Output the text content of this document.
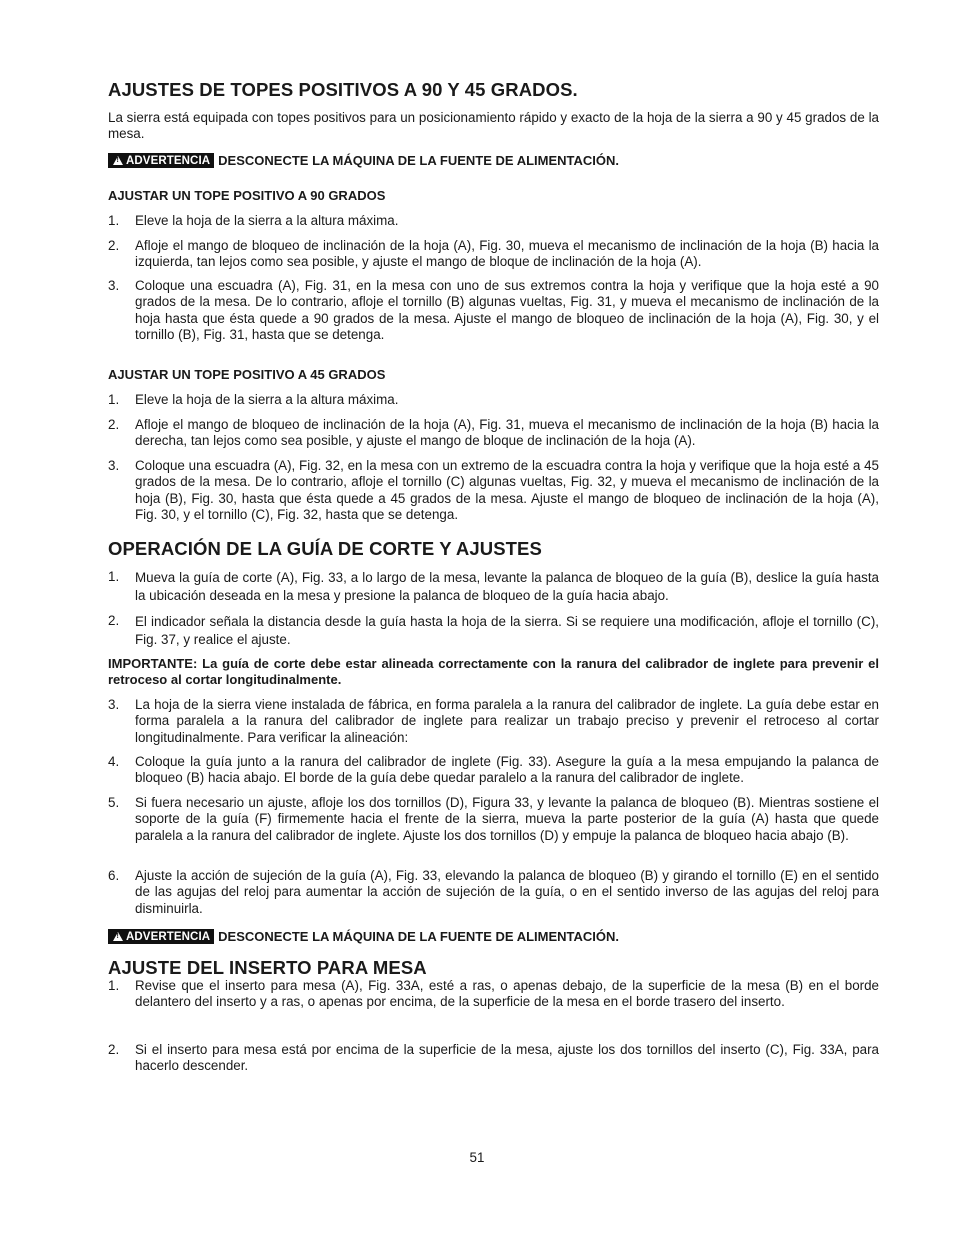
AJUSTES DE TOPES POSITIVOS A 90 Y 45 GRADOS.

La sierra está equipada con topes positivos para un posicionamiento rápido y exacto de la hoja de la sierra a 90 y 45 grados de la mesa.

!
ADVERTENCIA DESCONECTE LA MÁQUINA DE LA FUENTE DE ALIMENTACIÓN.
AJUSTAR UN TOPE POSITIVO A 90 GRADOS
1.	Eleve la hoja de la sierra a la altura máxima.
2.	Afloje el mango de bloqueo de inclinación de la hoja (A), Fig. 30, mueva el mecanismo de inclinación de la hoja (B) hacia la izquierda, tan lejos como sea posible, y ajuste el mango de bloque de inclinación de la hoja (A).
3.	Coloque una escuadra (A), Fig. 31, en la mesa con uno de sus extremos contra la hoja y verifique que la hoja esté a 90 grados de la mesa. De lo contrario, afloje el tornillo (B) algunas vueltas, Fig. 31, y mueva el mecanismo de inclinación de la hoja hasta que ésta quede a 90 grados de la mesa. Ajuste el mango de bloqueo de inclinación de la hoja (A), Fig. 30, y el tornillo (B), Fig. 31, hasta que se detenga.
AJUSTAR UN TOPE POSITIVO A 45 GRADOS
1.	Eleve la hoja de la sierra a la altura máxima.
2.	Afloje el mango de bloqueo de inclinación de la hoja (A), Fig. 31, mueva el mecanismo de inclinación de la hoja (B) hacia la derecha, tan lejos como sea posible, y ajuste el mango de bloque de inclinación de la hoja (A).
3.	Coloque una escuadra (A), Fig. 32, en la mesa con un extremo de la escuadra contra la hoja y verifique que la hoja esté a 45 grados de la mesa. De lo contrario, afloje el tornillo (C) algunas vueltas, Fig. 32, y mueva el mecanismo de inclinación de la hoja (B), Fig. 30, hasta que ésta quede a 45 grados de la mesa. Ajuste el mango de bloqueo de inclinación de la hoja (A), Fig. 30, y el tornillo (C), Fig. 32, hasta que se detenga.
OPERACIÓN DE LA GUÍA DE CORTE Y AJUSTES
1.	Mueva la guía de corte (A), Fig. 33, a lo largo de la mesa, levante la palanca de bloqueo de la guía (B), deslice la guía hasta la ubicación deseada en la mesa y presione la palanca de bloqueo de la guía hacia abajo.
2.	El indicador señala la distancia desde la guía hasta la hoja de la sierra. Si se requiere una modificación, afloje el tornillo (C), Fig. 37, y realice el ajuste.

IMPORTANTE: La guía de corte debe estar alineada correctamente con la ranura del calibrador de inglete para prevenir el retroceso al cortar longitudinalmente.

3.	La hoja de la sierra viene instalada de fábrica, en forma paralela a la ranura del calibrador de inglete. La guía debe estar en forma paralela a la ranura del calibrador de inglete para realizar un trabajo preciso y prevenir el retroceso al cortar longitudinalmente. Para verificar la alineación:
4.	Coloque la guía junto a la ranura del calibrador de inglete (Fig. 33). Asegure la guía a la mesa empujando la palanca de bloqueo (B) hacia abajo. El borde de la guía debe quedar paralelo a la ranura del calibrador de inglete.
5.	Si fuera necesario un ajuste, afloje los dos tornillos (D), Figura 33, y levante la palanca de bloqueo (B). Mientras sostiene el soporte de la guía (F) firmemente hacia el frente de la sierra, mueva la parte posterior de la guía (A) hasta que quede paralela a la ranura del calibrador de inglete. Ajuste los dos tornillos (D) y empuje la palanca de bloqueo hacia abajo (B).
6.	Ajuste la acción de sujeción de la guía (A), Fig. 33, elevando la palanca de bloqueo (B) y girando el tornillo (E) en el sentido de las agujas del reloj para aumentar la acción de sujeción de la guía, o en el sentido inverso de las agujas del reloj para disminuirla.
!
ADVERTENCIA DESCONECTE LA MÁQUINA DE LA FUENTE DE ALIMENTACIÓN.
AJUSTE DEL INSERTO PARA MESA
1.	Revise que el inserto para mesa (A), Fig. 33A, esté a ras, o apenas debajo, de la superficie de la mesa (B) en el borde delantero del inserto y a ras, o apenas por encima, de la superficie de la mesa en el borde trasero del inserto.
2.	Si el inserto para mesa está por encima de la superficie de la mesa, ajuste los dos tornillos del inserto (C), Fig. 33A, para hacerlo descender.
51
